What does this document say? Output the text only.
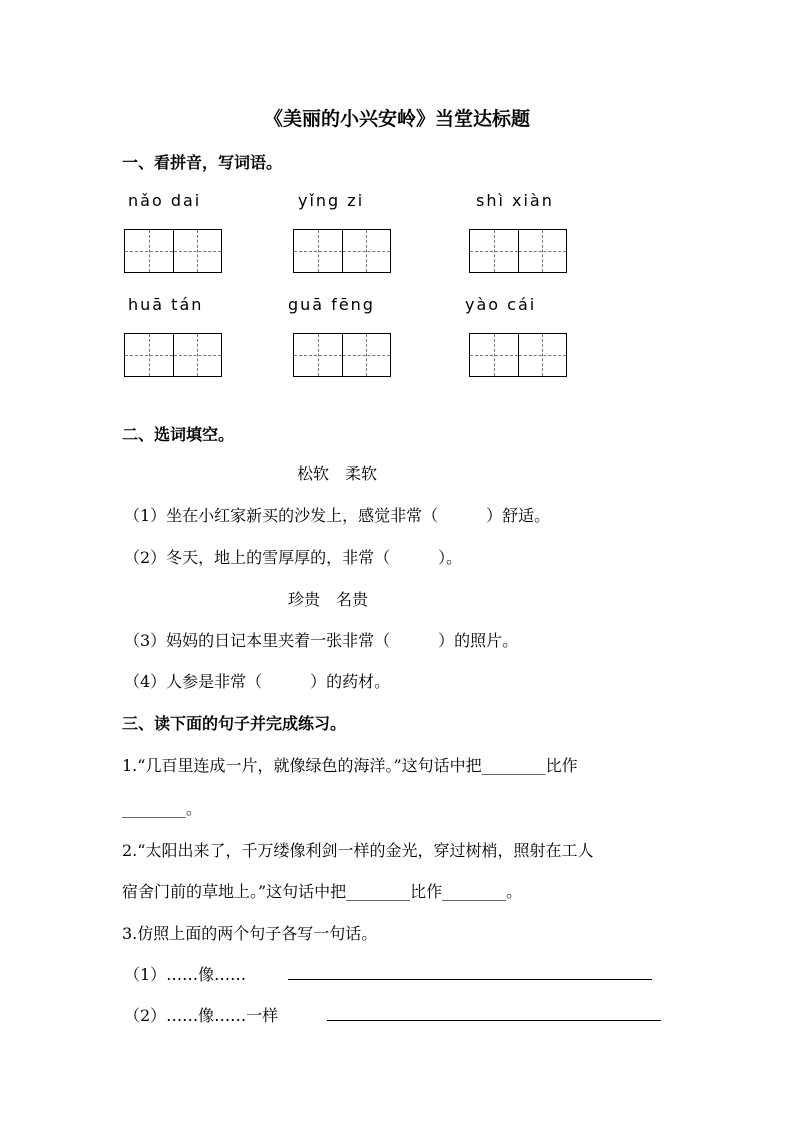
《美丽的小兴安岭》当堂达标题
一、看拼音，写词语。
nǎo dai	yǐng zi	shì xiàn
huā tán	guā fēng	yào cái
二、选词填空。
松软　柔软
（1）坐在小红家新买的沙发上，感觉非常（　　　）舒适。
（2）冬天，地上的雪厚厚的，非常（　　　）。
珍贵　名贵
（3）妈妈的日记本里夹着一张非常（　　　）的照片。
（4）人参是非常（　　　）的药材。
三、读下面的句子并完成练习。
1.“几百里连成一片，就像绿色的海洋。”这句话中把________比作
________。
2.“太阳出来了，千万缕像利剑一样的金光，穿过树梢，照射在工人
宿舍门前的草地上。”这句话中把________比作________。
3.仿照上面的两个句子各写一句话。
（1）……像……
（2）……像……一样
